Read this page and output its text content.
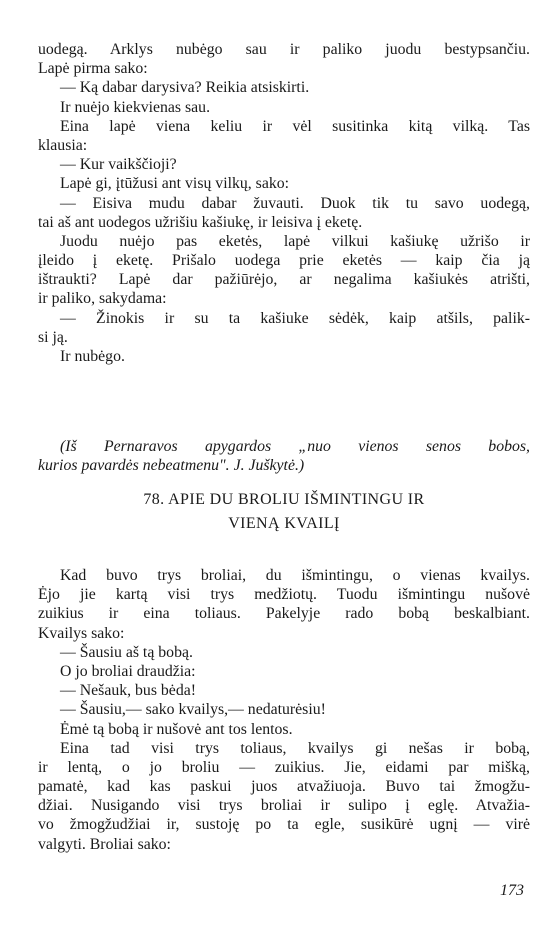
uodegą. Arklys nubėgo sau ir paliko juodu bestypsančiu.

Lapė pirma sako:

— Ką dabar darysiva? Reikia atsiskirti.

Ir nuėjo kiekvienas sau.

Eina lapė viena keliu ir vėl susitinka kitą vilką. Tas

klausia:

— Kur vaikščioji?

Lapė gi, įtūžusi ant visų vilkų, sako:

— Eisiva mudu dabar žuvauti. Duok tik tu savo uodegą,

tai aš ant uodegos užrišiu kašiukę, ir leisiva į eketę.

Juodu nuėjo pas eketės, lapė vilkui kašiukę užrišo ir

įleido į eketę. Prišalo uodega prie eketės — kaip čia ją

ištraukti? Lapė dar pažiūrėjo, ar negalima kašiukės atrišti,

ir paliko, sakydama:

— Žinokis ir su ta kašiuke sėdėk, kaip atšils, palik-

si ją.

Ir nubėgo.

(Iš Pernaravos apygardos „nuo vienos senos bobos,

kurios pavardės nebeatmenu". J. Juškytė.)

78. APIE DU BROLIU IŠMINTINGU IR

VIENĄ KVAILĮ

Kad buvo trys broliai, du išmintingu, o vienas kvailys.

Ėjo jie kartą visi trys medžiotų. Tuodu išmintingu nušovė

zuikius ir eina toliaus. Pakelyje rado bobą beskalbiant.

Kvailys sako:

— Šausiu aš tą bobą.

O jo broliai draudžia:

— Nešauk, bus bėda!

— Šausiu,— sako kvailys,— nedaturėsiu!

Ėmė tą bobą ir nušovė ant tos lentos.

Eina tad visi trys toliaus, kvailys gi nešas ir bobą,

ir lentą, o jo broliu — zuikius. Jie, eidami par mišką,

pamatė, kad kas paskui juos atvažiuoja. Buvo tai žmogžu-

džiai. Nusigando visi trys broliai ir sulipo į eglę. Atvažia-

vo žmogžudžiai ir, sustoję po ta egle, susikūrė ugnį — virė

valgyti. Broliai sako:

173
